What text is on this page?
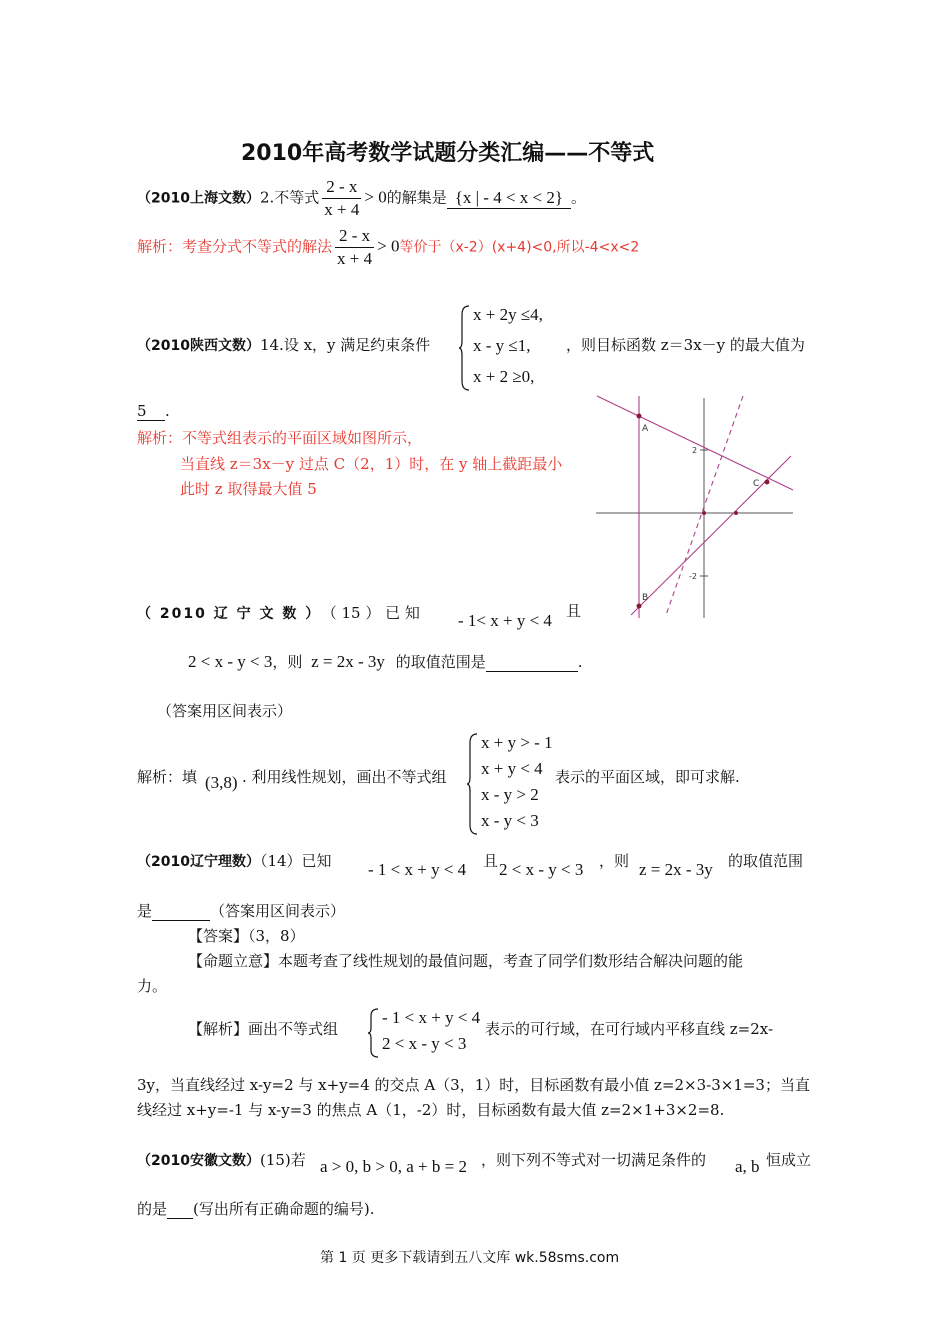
2010年高考数学试题分类汇编——不等式
（2010上海文数）2.不等式 $\frac{2 - x}{x + 4} > 0$的解集是 {x | - 4 < x < 2} 。
解析：考查分式不等式的解法 $\frac{2 - x}{x + 4} > 0$等价于（x-2）(x+4)<0,所以-4<x<2
（2010陕西文数）14.设 x，y 满足约束条件
x + 2y ≤4,
x - y ≤1,
x + 2 ≥0,
，则目标函数 z＝3x－y 的最大值为
5 .
解析：不等式组表示的平面区域如图所示，
当直线 z＝3x－y 过点 C（2，1）时，在 y 轴上截距最小
此时 z 取得最大值 5
A
B
C
2
-2
（ 2010 辽 宁 文 数 ） （ 15 ） 已 知 - 1< x + y < 4 且
2 < x - y < 3，则 z = 2x - 3y 的取值范围是	.
（答案用区间表示）
解析：填 (3,8) . 利用线性规划，画出不等式组
x + y > - 1
x + y < 4
x - y > 2
x - y < 3
表示的平面区域，即可求解.
（2010辽宁理数）（14）已知 - 1 < x + y < 4 且 2 < x - y < 3 ，则 z = 2x - 3y 的取值范围
是	（答案用区间表示）
【答案】（3，8）
【命题立意】本题考查了线性规划的最值问题，考查了同学们数形结合解决问题的能
力。
【解析】画出不等式组
- 1 < x + y < 4
2 < x - y < 3
表示的可行域，在可行域内平移直线 z=2x-
3y，当直线经过 x-y=2 与 x+y=4 的交点 A（3，1）时，目标函数有最小值 z=2×3-3×1=3；当直
线经过 x+y=-1 与 x-y=3 的焦点 A（1，-2）时，目标函数有最大值 z=2×1+3×2=8.
（2010安徽文数）(15)若 a > 0, b > 0, a + b = 2 ，则下列不等式对一切满足条件的 a, b 恒成立
的是 (写出所有正确命题的编号).
第 1 页 更多下载请到五八文库 wk.58sms.com
